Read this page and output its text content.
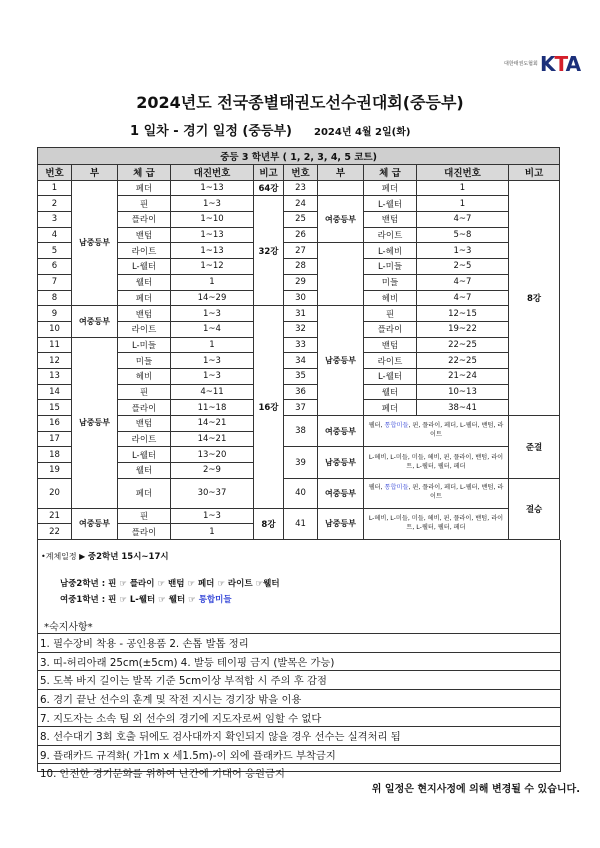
대한태권도협회 KTA
2024년도 전국종별태권도선수권대회(중등부)
1 일차 - 경기 일정 (중등부) 2024년 4월 2일(화)
중등 3 학년부 ( 1, 2, 3, 4, 5 코트)									
번호	부	체 급	대진번호	비고	번호	부	체 급	대진번호	비고
1	남중등부	페더	1~13	64강	23		페더	1	8강
2		핀	1~3	32강	24	여중등부	L-웰터	1	
3		플라이	1~10		25		밴텀	4~7	
4		밴텀	1~13		26		라이트	5~8	
5		라이트	1~13		27		L-헤비	1~3	
6		L-웰터	1~12		28		L-미들	2~5	
7		웰터	1		29		미들	4~7	
8		페더	14~29		30		헤비	4~7	
9	여중등부	밴텀	1~3	16강	31	남중등부	핀	12~15	
10		라이트	1~4		32		플라이	19~22	
11	남중등부	L-미들	1		33		밴텀	22~25	
12		미들	1~3		34		라이트	22~25	
13		헤비	1~3		35		L-웰터	21~24	
14		핀	4~11		36		웰터	10~13	
15		플라이	11~18		37		페더	38~41	
16		밴텀	14~21		38	여중등부	웰터, 통합미들, 핀, 플라이, 페더, L-웰터, 밴텀, 라이트		준결
17		라이트	14~21						
18		L-웰터	13~20		39	남중등부	L-헤비, L-미들, 미들, 헤비, 핀, 플라이, 밴텀, 라이트, L-웰터, 웰터, 페더		
19		웰터	2~9						
20		페더	30~37		40	여중등부	웰터, 통합미들, 핀, 플라이, 페더, L-웰터, 밴텀, 라이트		결승
21	여중등부	핀	1~3	8강	41	남중등부	L-헤비, L-미들, 미들, 헤비, 핀, 플라이, 밴텀, 라이트, L-웰터, 웰터, 페더		
22		플라이	1						
•계체일정 ▶ 중2학년 15시~17시
남중2학년 : 핀 ☞ 플라이 ☞ 밴텀 ☞ 페더 ☞ 라이트 ☞웰터
여중1학년 : 핀 ☞ L-웰터 ☞ 웰터 ☞ 통합미들
*숙지사항*
1. 필수장비 착용 - 공인용품 2. 손톱 발톱 정리
3. 띠-허리아래 25cm(±5cm) 4. 발등 테이핑 금지 (발목은 가능)
5. 도복 바지 길이는 발목 기준 5cm이상 부적합 시 주의 후 감점
6. 경기 끝난 선수의 훈계 및 작전 지시는 경기장 밖을 이용
7. 지도자는 소속 팀 외 선수의 경기에 지도자로써 임할 수 없다
8. 선수대기 3회 호출 뒤에도 검사대까지 확인되지 않을 경우 선수는 실격처리 됨
9. 플래카드 규격화( 가1m x 세1.5m)-이 외에 플래카드 부착금지
10. 안전한 경기문화를 위하여 난간에 기대어 응원금지
위 일정은 현지사정에 의해 변경될 수 있습니다.
